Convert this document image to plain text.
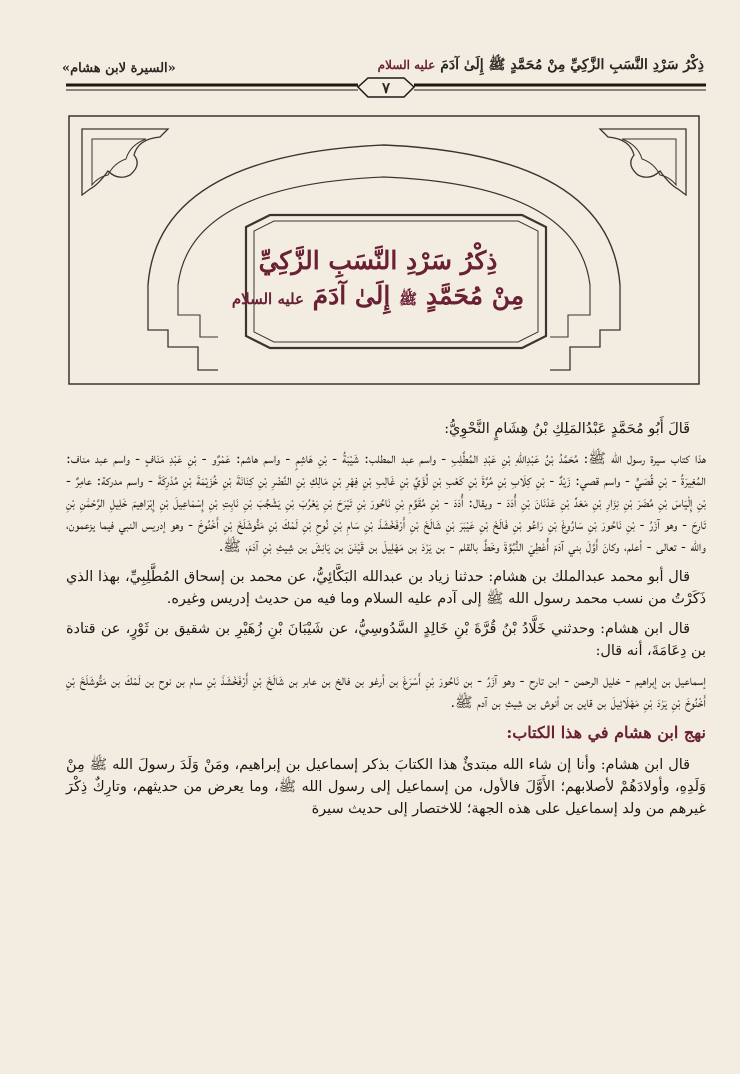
ذِكْرُ سَرْدِ النَّسَبِ الزَّكِيِّ مِنْ مُحَمَّدٍ ﷺ إِلَىٰ آدَمَ عليه السلام
«السيرة لابن هشام»
٧
ذِكْرُ سَرْدِ النَّسَبِ الزَّكِيِّ
مِنْ مُحَمَّدٍ ﷺ إِلَىٰ آدَمَ عليه السلام

قَالَ أَبُو مُحَمَّدٍ عَبْدُالمَلِكِ بْنُ هِشَامٍ النَّحْوِيُّ:

هذا كتاب سيرة رسول الله ﷺ: مُحَمَّدُ بْنُ عَبْدِاللهِ بْنِ عَبْدِ المُطَّلِبِ - واسم عبد المطلب: شَيْبَةُ - بْنِ هَاشِمٍ - واسم هاشم: عَمْرٌو - بْنِ عَبْدِ مَنَافٍ - واسم عبد مناف: المُغِيرَةُ - بْنِ قُصَيٍّ - واسم قصي: زَيْدٌ - بْنِ كِلَابِ بْنِ مُرَّةَ بْنِ كَعْبِ بْنِ لُؤَيِّ بْنِ غَالِبِ بْنِ فِهْرِ بْنِ مَالِكِ بْنِ النَّضْرِ بْنِ كِنَانَةَ بْنِ خُزَيْمَةَ بْنِ مُدْرِكَةَ - واسم مدركة: عامِرٌ - بْنِ إِلْيَاسَ بْنِ مُضَرَ بْنِ نِزَارِ بْنِ مَعَدِّ بْنِ عَدْنَانَ بْنِ أُدَدَ - ويقال: أُدَدَ - بْنِ مُقَوَّمِ بْنِ نَاحُورَ بْنِ تَيْرَحَ بْنِ يَعْرُبَ بْنِ يَشْجُبَ بْنِ نَابِتِ بْنِ إِسْمَاعِيلَ بْنِ إِبْرَاهِيمَ خَلِيلِ الرَّحْمَٰنِ بْنِ تَارِحَ - وهو آزَرُ - بْنِ نَاحُورَ بْنِ سَارُوغَ بْنِ رَاعُو بْنِ فَالَخَ بْنِ عَيْبَرَ بْنِ شَالَخَ بْنِ أَرْفَخْشَذَ بْنِ سَامِ بْنِ نُوحِ بْنِ لَمْكَ بْنِ مَتُّوشَلَخَ بْنِ أَخْنُوخَ - وهو إدريس النبي فيما يزعمون، والله - تعالى - أعلم، وكانَ أَوَّلَ بني آدَمَ أُعْطِيَ النُّبُوَّةَ وخَطَّ بالقلم - بن يَرْدَ بن مَهْلِيلَ بن قَيْنَنَ بن يَانِشَ بن شِيثِ بْنِ آدَمَ، ﷺ.

قال أبو محمد عبدالملك بن هشام: حدثنا زياد بن عبدالله البَكَّائِيُّ، عن محمد بن إسحاق المُطَّلِبِيِّ، بهذا الذي ذَكَرْتُ من نسب محمد رسول الله ﷺ إلى آدم عليه السلام وما فيه من حديث إدريس وغيره.

قال ابن هشام: وحدثني خَلَّادُ بْنُ قُرَّةَ بْنِ خَالِدٍ السَّدُوسِيُّ، عن شَيْبَانَ بْنِ زُهَيْرِ بن شقيق بن ثَوْرٍ، عن قتادة بن دِعَامَةَ، أنه قال:

إسماعيل بن إبراهيم - خليل الرحمن - ابن تارح - وهو آزَرُ - بن نَاحُورَ بْنِ أَسْرَغَ بن أرغو بن فالخ بن عابر بن شَالَخَ بْنِ أَرْفَخْشَذَ بْنِ سام بن نوح بن لَمْكَ بن مَتُّوشَلَخَ بْنِ أَخْنُوخَ بْنِ يَرْدَ بْنِ مَهْلَائِيلَ بن قاين بن أنوش بن شِيثِ بن آدم ﷺ.

نهج ابن هشام في هذا الكتاب:

قال ابن هشام: وأنا إن شاء الله مبتدئٌ هذا الكتابَ بذكر إسماعيل بن إبراهيم، ومَنْ وَلَدَ رسولَ الله ﷺ مِنْ وَلَدِهِ، وأولادَهُمْ لأصلابهم؛ الأَوَّلَ فالأول، من إسماعيل إلى رسول الله ﷺ، وما يعرض من حديثهم، وتارِكٌ ذِكْرَ غيرهم من ولد إسماعيل على هذه الجهة؛ للاختصار إلى حديث سيرة
